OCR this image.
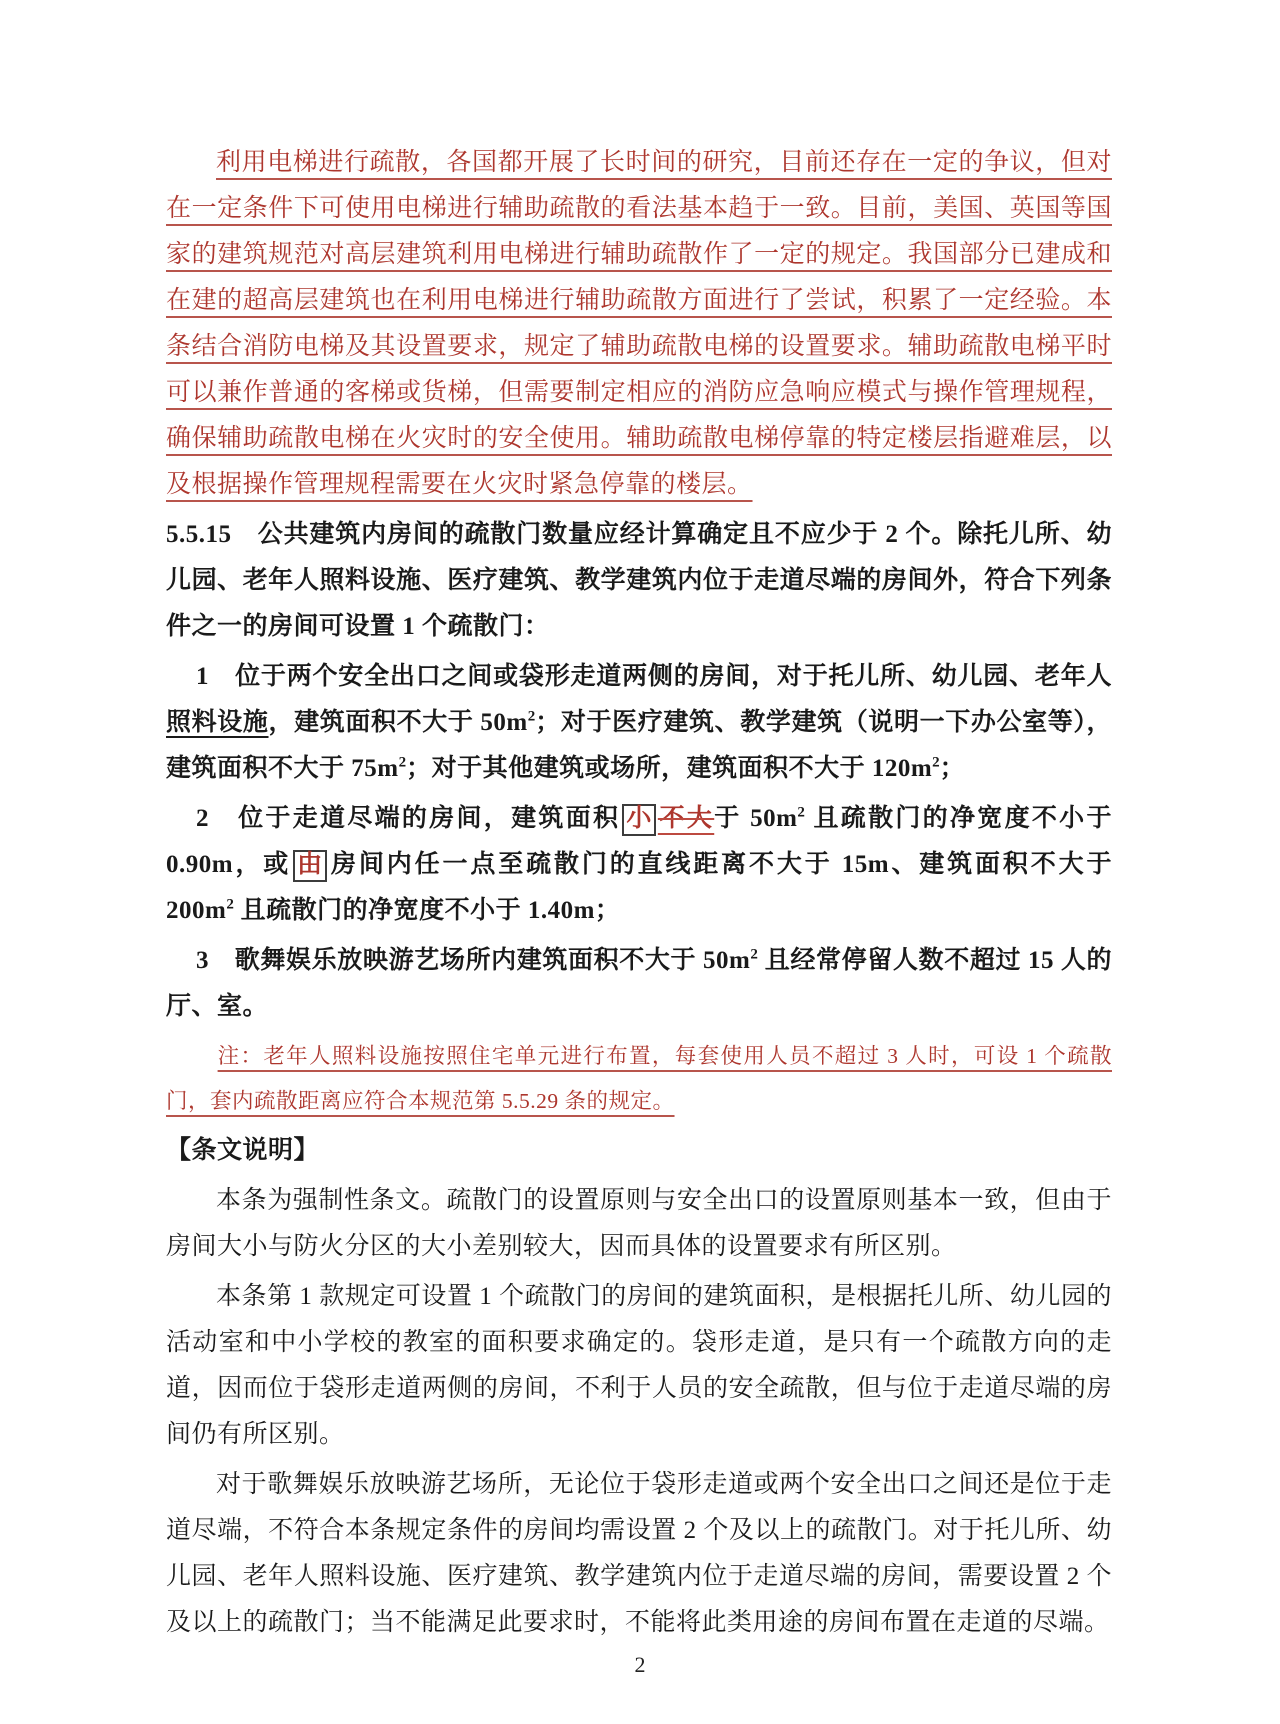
利用电梯进行疏散，各国都开展了长时间的研究，目前还存在一定的争议，但对在一定条件下可使用电梯进行辅助疏散的看法基本趋于一致。目前，美国、英国等国家的建筑规范对高层建筑利用电梯进行辅助疏散作了一定的规定。我国部分已建成和在建的超高层建筑也在利用电梯进行辅助疏散方面进行了尝试，积累了一定经验。本条结合消防电梯及其设置要求，规定了辅助疏散电梯的设置要求。辅助疏散电梯平时可以兼作普通的客梯或货梯，但需要制定相应的消防应急响应模式与操作管理规程，确保辅助疏散电梯在火灾时的安全使用。辅助疏散电梯停靠的特定楼层指避难层，以及根据操作管理规程需要在火灾时紧急停靠的楼层。

5.5.15　公共建筑内房间的疏散门数量应经计算确定且不应少于 2 个。除托儿所、幼儿园、老年人照料设施、医疗建筑、教学建筑内位于走道尽端的房间外，符合下列条件之一的房间可设置 1 个疏散门：

1　位于两个安全出口之间或袋形走道两侧的房间，对于托儿所、幼儿园、老年人照料设施，建筑面积不大于 $50m^2$；对于医疗建筑、教学建筑（说明一下办公室等），建筑面积不大于 $75m^2$；对于其他建筑或场所，建筑面积不大于 $120m^2$；

2　位于走道尽端的房间，建筑面积 小 不大于 $50m^2$ 且疏散门的净宽度不小于 0.90m，或 由 房间内任一点至疏散门的直线距离不大于 15m、建筑面积不大于 $200m^2$ 且疏散门的净宽度不小于 1.40m；

3　歌舞娱乐放映游艺场所内建筑面积不大于 $50m^2$ 且经常停留人数不超过 15 人的厅、室。

注：老年人照料设施按照住宅单元进行布置，每套使用人员不超过 3 人时，可设 1 个疏散门，套内疏散距离应符合本规范第 5.5.29 条的规定。

【条文说明】

本条为强制性条文。疏散门的设置原则与安全出口的设置原则基本一致，但由于房间大小与防火分区的大小差别较大，因而具体的设置要求有所区别。

本条第 1 款规定可设置 1 个疏散门的房间的建筑面积，是根据托儿所、幼儿园的活动室和中小学校的教室的面积要求确定的。袋形走道，是只有一个疏散方向的走道，因而位于袋形走道两侧的房间，不利于人员的安全疏散，但与位于走道尽端的房间仍有所区别。

对于歌舞娱乐放映游艺场所，无论位于袋形走道或两个安全出口之间还是位于走道尽端，不符合本条规定条件的房间均需设置 2 个及以上的疏散门。对于托儿所、幼儿园、老年人照料设施、医疗建筑、教学建筑内位于走道尽端的房间，需要设置 2 个及以上的疏散门；当不能满足此要求时，不能将此类用途的房间布置在走道的尽端。

2
